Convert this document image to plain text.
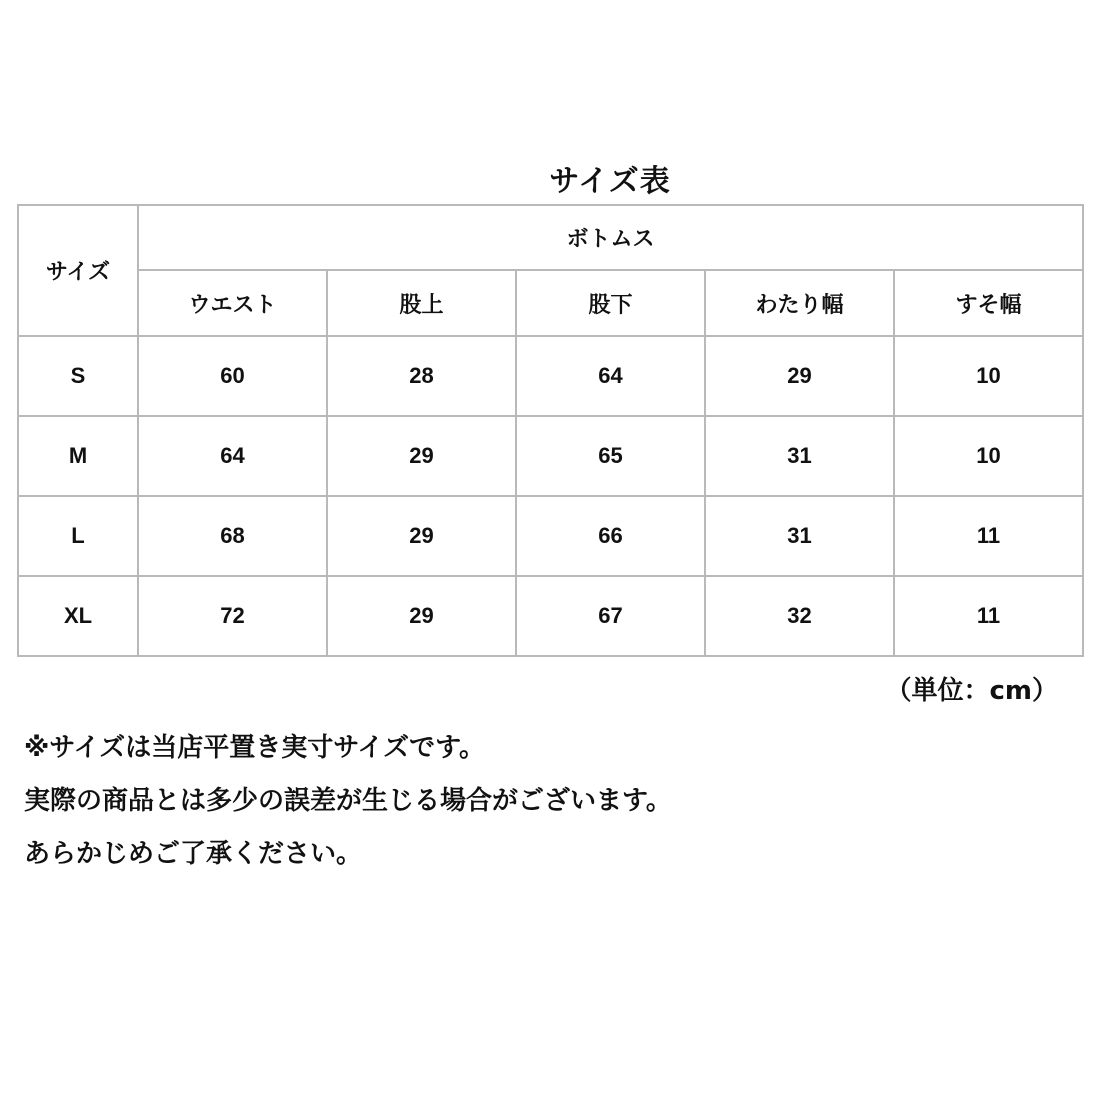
サイズ表
サイズ	ボトムス				
	ウエスト	股上	股下	わたり幅	すそ幅
S	60	28	64	29	10
M	64	29	65	31	10
L	68	29	66	31	11
XL	72	29	67	32	11
（単位：cm）
※サイズは当店平置き実寸サイズです。
実際の商品とは多少の誤差が生じる場合がございます。
あらかじめご了承ください。
